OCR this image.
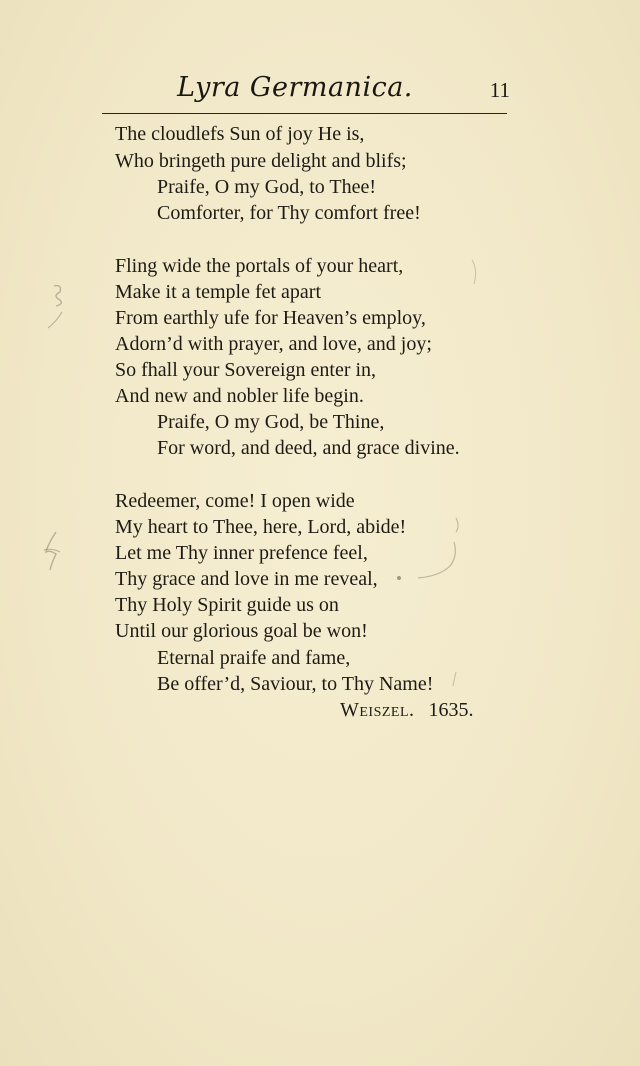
Lyra Germanica.	11
The cloudlefs Sun of joy He is,
Who bringeth pure delight and blifs;
Praife, O my God, to Thee!
Comforter, for Thy comfort free!
Fling wide the portals of your heart,
Make it a temple fet apart
From earthly ufe for Heaven’s employ,
Adorn’d with prayer, and love, and joy;
So fhall your Sovereign enter in,
And new and nobler life begin.
Praife, O my God, be Thine,
For word, and deed, and grace divine.
Redeemer, come! I open wide
My heart to Thee, here, Lord, abide!
Let me Thy inner prefence feel,
Thy grace and love in me reveal,
Thy Holy Spirit guide us on
Until our glorious goal be won!
Eternal praife and fame,
Be offer’d, Saviour, to Thy Name!
Weiszel. 1635.
